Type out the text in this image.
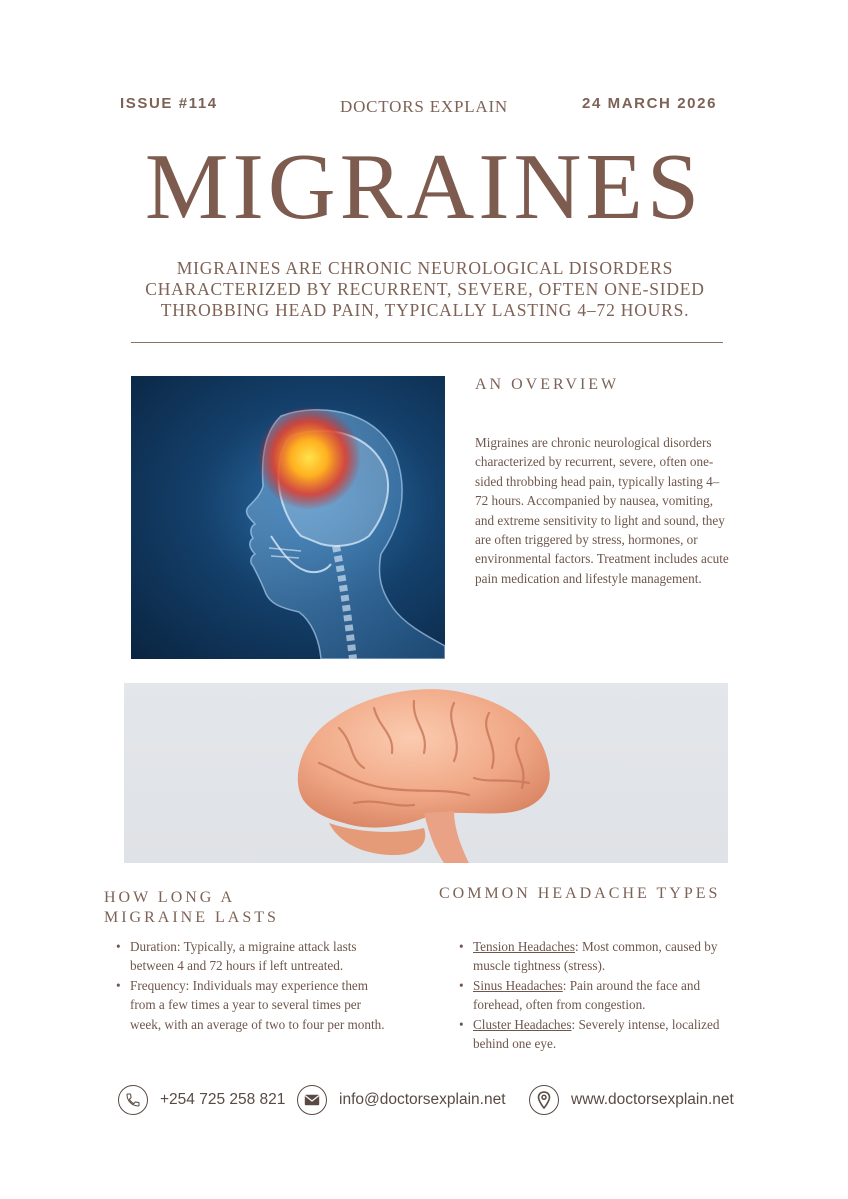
ISSUE #114	DOCTORS EXPLAIN	24 MARCH 2026
MIGRAINES
MIGRAINES ARE CHRONIC NEUROLOGICAL DISORDERS CHARACTERIZED BY RECURRENT, SEVERE, OFTEN ONE-SIDED THROBBING HEAD PAIN, TYPICALLY LASTING 4–72 HOURS.
AN OVERVIEW
Migraines are chronic neurological disorders characterized by recurrent, severe, often one-sided throbbing head pain, typically lasting 4–72 hours. Accompanied by nausea, vomiting, and extreme sensitivity to light and sound, they are often triggered by stress, hormones, or environmental factors. Treatment includes acute pain medication and lifestyle management.
HOW LONG A
MIGRAINE LASTS
• Duration: Typically, a migraine attack lasts between 4 and 72 hours if left untreated.
• Frequency: Individuals may experience them from a few times a year to several times per week, with an average of two to four per month.
COMMON HEADACHE TYPES
• Tension Headaches: Most common, caused by muscle tightness (stress).
• Sinus Headaches: Pain around the face and forehead, often from congestion.
• Cluster Headaches: Severely intense, localized behind one eye.
+254 725 258 821	info@doctorsexplain.net	www.doctorsexplain.net
